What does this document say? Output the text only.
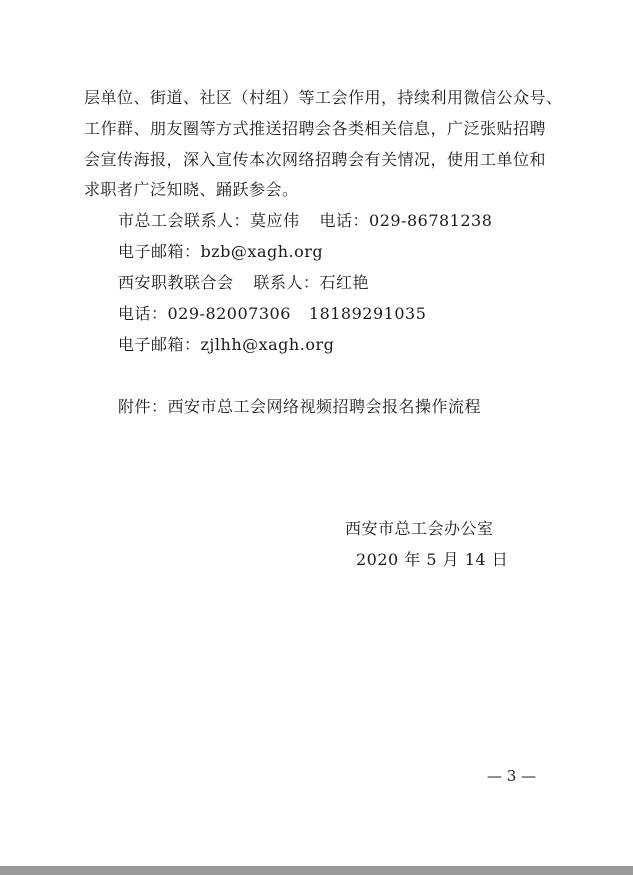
层单位、街道、社区（村组）等工会作用，持续利用微信公众号、
工作群、朋友圈等方式推送招聘会各类相关信息，广泛张贴招聘
会宣传海报，深入宣传本次网络招聘会有关情况，使用工单位和
求职者广泛知晓、踊跃参会。
市总工会联系人：莫应伟 电话：029-86781238
电子邮箱：bzb@xagh.org
西安职教联合会 联系人：石红艳
电话：029-82007306 18189291035
电子邮箱：zjlhh@xagh.org
附件：西安市总工会网络视频招聘会报名操作流程
西安市总工会办公室
2020 年 5 月 14 日
— 3 —
